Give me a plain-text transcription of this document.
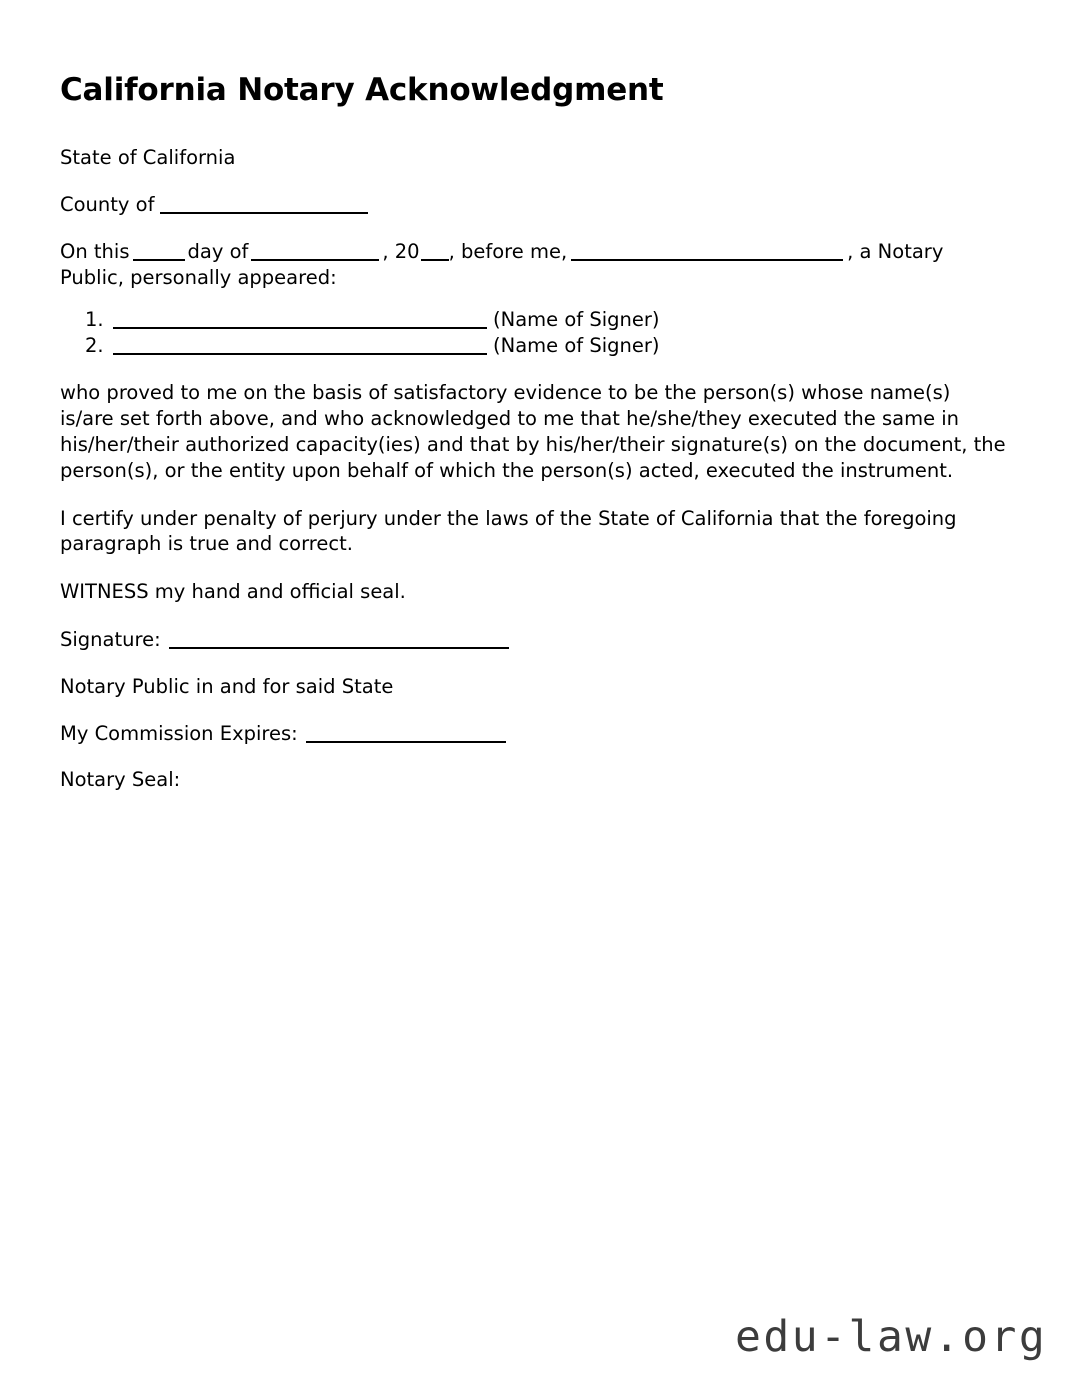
California Notary Acknowledgment

State of California

County of

On this	day of	, 20 , before me,	, a Notary Public, personally appeared:

1.	(Name of Signer)
2.	(Name of Signer)

who proved to me on the basis of satisfactory evidence to be the person(s) whose name(s) is/are set forth above, and who acknowledged to me that he/she/they executed the same in his/her/their authorized capacity(ies) and that by his/her/their signature(s) on the document, the person(s), or the entity upon behalf of which the person(s) acted, executed the instrument.

I certify under penalty of perjury under the laws of the State of California that the foregoing paragraph is true and correct.

WITNESS my hand and official seal.

Signature:

Notary Public in and for said State

My Commission Expires:

Notary Seal:

edu-law.org
